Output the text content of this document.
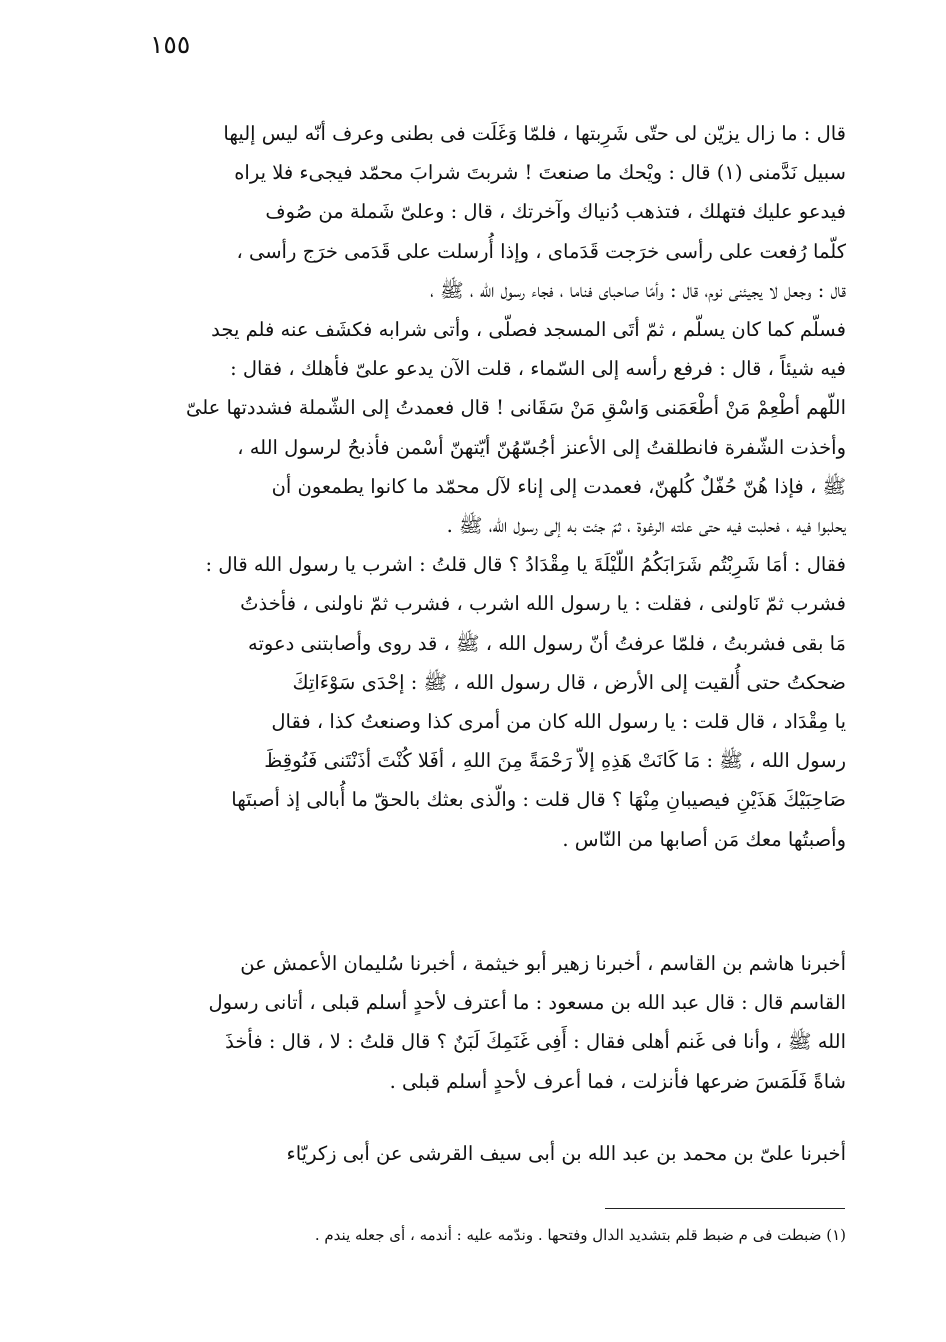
١٥٥
قال : ما زال يزيّن لى حتّى شَرِبتها ، فلمّا وَغَلَت فى بطنى وعرف أنّه ليس إليها
سبيل نَدَّمنى (١) قال : ويْحك ما صنعتَ ! شربتَ شرابَ محمّد فيجىء فلا يراه
فيدعو عليك فتهلك ، فتذهب دُنياك وآخرتك ، قال : وعلىّ شَملة من صُوف
كلّما رُفعت على رأسى خرَجت قَدَماى ، وإذا أُرسلت على قَدَمى خرَج رأسى ،
قال : وجعل لا يجيئنى نوم، قال : وأمّا صاحباى فناما ، فجاء رسول الله ، ﷺ ،
فسلّم كما كان يسلّم ، ثمّ أتَى المسجد فصلّى ، وأتى شرابه فكشَف عنه فلم يجد
فيه شيئاً ، قال : فرفع رأسه إلى السّماء ، قلت الآن يدعو علىّ فأهلك ، فقال :
اللّهم أطْعِمْ مَنْ أطْعَمَنى وَاسْقِ مَنْ سَقَانى ! قال فعمدتُ إلى الشّملة فشددتها علىّ
وأخذت الشّفرة فانطلقتُ إلى الأعنز أجُسّهُنّ أيّتهنّ أسْمن فأذبحُ لرسول الله ،
ﷺ ، فإذا هُنّ حُفّلٌ كُلهنّ، فعمدت إلى إناء لآل محمّد ما كانوا يطمعون أن
يحلبوا فيه ، فحلبت فيه حتى علته الرغوة ، ثمّ جئت به إلى رسول الله، ﷺ .
فقال : أمَا شَرِبْتُم شَرَابَكُمُ اللّيْلَةَ يا مِقْدَادُ ؟ قال قلتُ : اشرب يا رسول الله قال :
فشرب ثمّ نَاولنى ، فقلت : يا رسول الله اشرب ، فشرب ثمّ ناولنى ، فأخذتُ
مَا بقى فشربتُ ، فلمّا عرفتُ أنّ رسول الله ، ﷺ ، قد روى وأصابتنى دعوته
ضحكتُ حتى أُلقيت إلى الأرض ، قال رسول الله ، ﷺ : إحْدَى سَوْءَاتِكَ
يا مِقْدَاد ، قال قلت : يا رسول الله كان من أمرى كذا وصنعتُ كذا ، فقال
رسول الله ، ﷺ : مَا كَانَتْ هَذِهِ إلاّ رَحْمَةً مِنَ اللهِ ، أفَلا كُنْتَ أذَنْتَنى فَنُوقِظَ
صَاحِبَيْكَ هَذَيْنِ فيصيبانِ مِنْهَا ؟ قال قلت : والّذى بعثك بالحقّ ما أُبالى إذ أصبتَها
وأصبتُها معك مَن أصابها من النّاس .
أخبرنا هاشم بن القاسم ، أخبرنا زهير أبو خيثمة ، أخبرنا سُليمان الأعمش عن
القاسم قال : قال عبد الله بن مسعود : ما أعترف لأحدٍ أسلم قبلى ، أتانى رسول
الله ﷺ ، وأنا فى غَنم أهلى فقال : أَفِى غَنَمِكَ لَبَنٌ ؟ قال قلتُ : لا ، قال : فأخذَ
شاةً فَلَمَسَ ضرعها فأنزلت ، فما أعرف لأحدٍ أسلم قبلى .
أخبرنا علىّ بن محمد بن عبد الله بن أبى سيف القرشى عن أبى زكريّاء
(١) ضبطت فى م ضبط قلم بتشديد الدال وفتحها . وندّمه عليه : أندمه ، أى جعله يندم .
